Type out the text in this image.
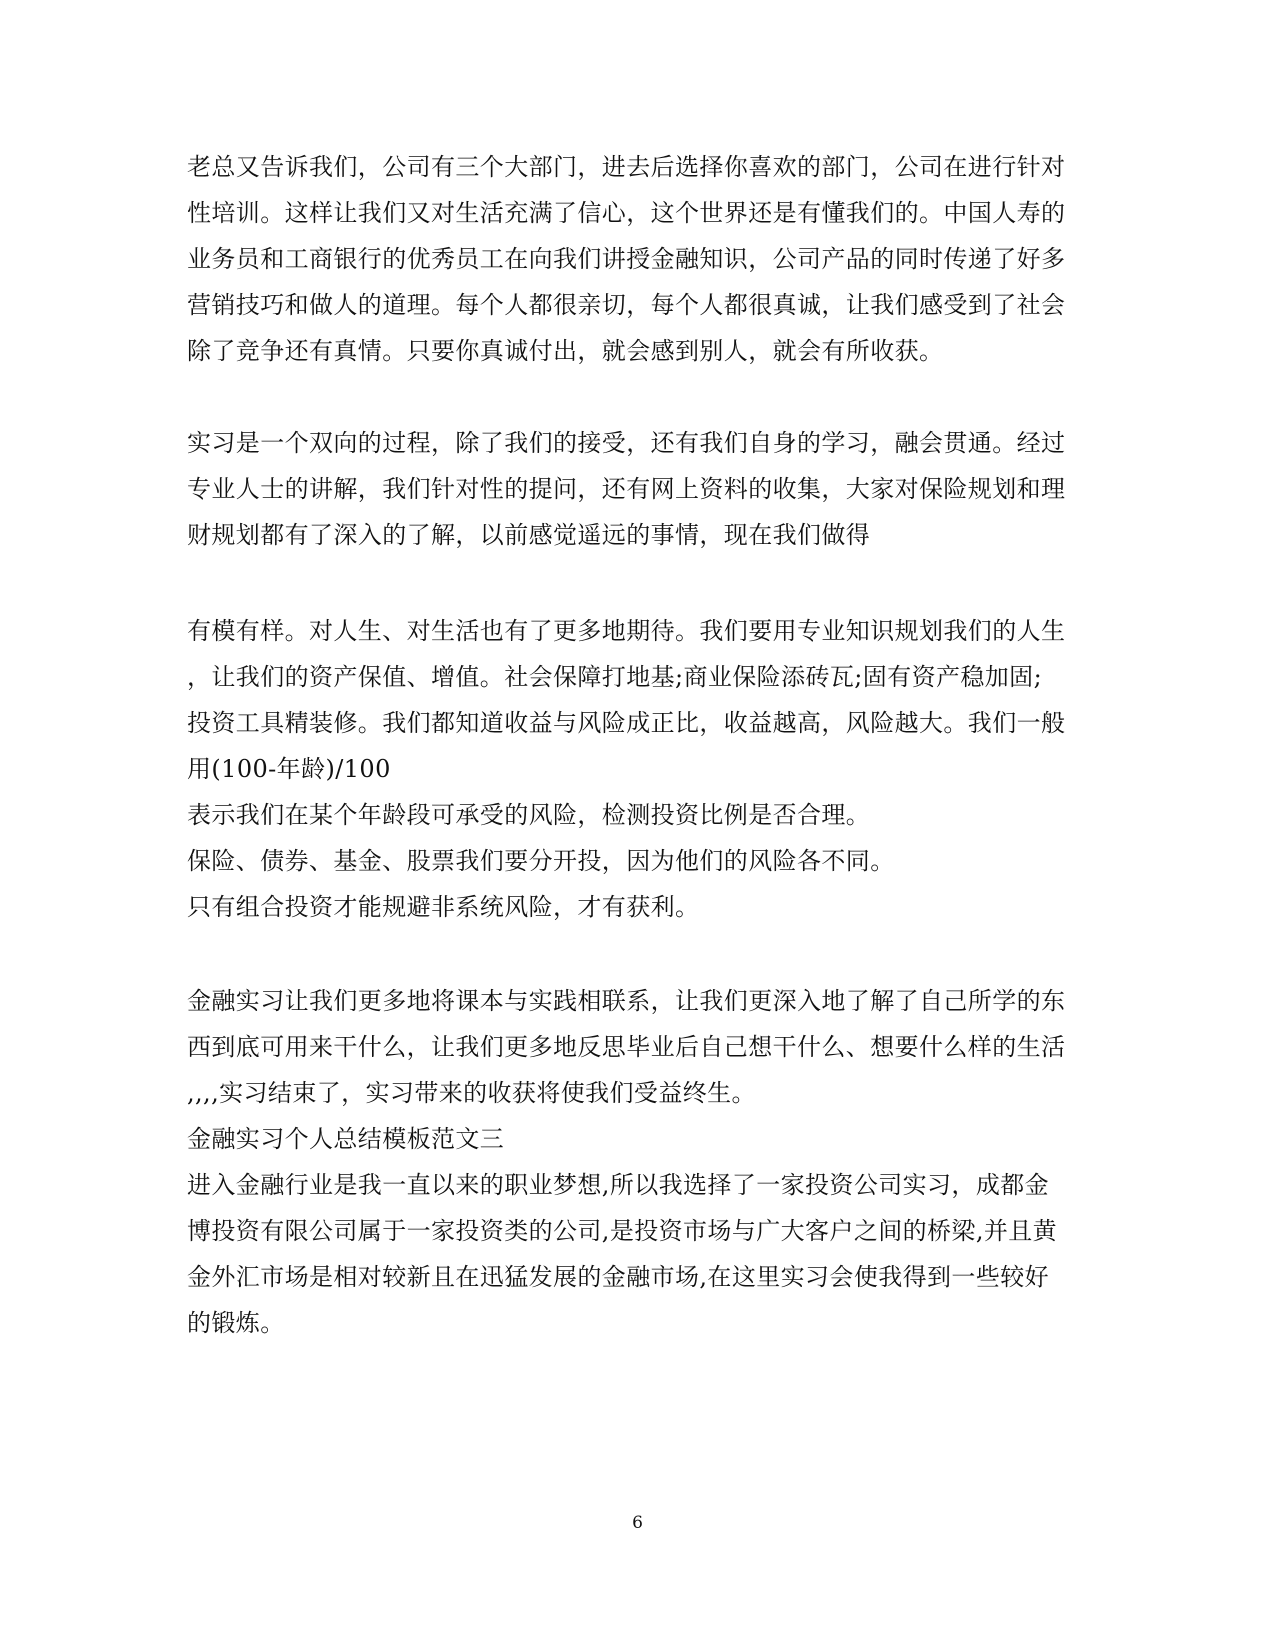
老总又告诉我们，公司有三个大部门，进去后选择你喜欢的部门，公司在进行针对
性培训。这样让我们又对生活充满了信心，这个世界还是有懂我们的。中国人寿的
业务员和工商银行的优秀员工在向我们讲授金融知识，公司产品的同时传递了好多
营销技巧和做人的道理。每个人都很亲切，每个人都很真诚，让我们感受到了社会
除了竞争还有真情。只要你真诚付出，就会感到别人，就会有所收获。
实习是一个双向的过程，除了我们的接受，还有我们自身的学习，融会贯通。经过
专业人士的讲解，我们针对性的提问，还有网上资料的收集，大家对保险规划和理
财规划都有了深入的了解，以前感觉遥远的事情，现在我们做得
有模有样。对人生、对生活也有了更多地期待。我们要用专业知识规划我们的人生
，让我们的资产保值、增值。社会保障打地基;商业保险添砖瓦;固有资产稳加固;
投资工具精装修。我们都知道收益与风险成正比，收益越高，风险越大。我们一般
用(100-年龄)/100
表示我们在某个年龄段可承受的风险，检测投资比例是否合理。
保险、债券、基金、股票我们要分开投，因为他们的风险各不同。
只有组合投资才能规避非系统风险，才有获利。
金融实习让我们更多地将课本与实践相联系，让我们更深入地了解了自己所学的东
西到底可用来干什么，让我们更多地反思毕业后自己想干什么、想要什么样的生活
,,,,实习结束了，实习带来的收获将使我们受益终生。
金融实习个人总结模板范文三
进入金融行业是我一直以来的职业梦想,所以我选择了一家投资公司实习，成都金
博投资有限公司属于一家投资类的公司,是投资市场与广大客户之间的桥梁,并且黄
金外汇市场是相对较新且在迅猛发展的金融市场,在这里实习会使我得到一些较好
的锻炼。
6
